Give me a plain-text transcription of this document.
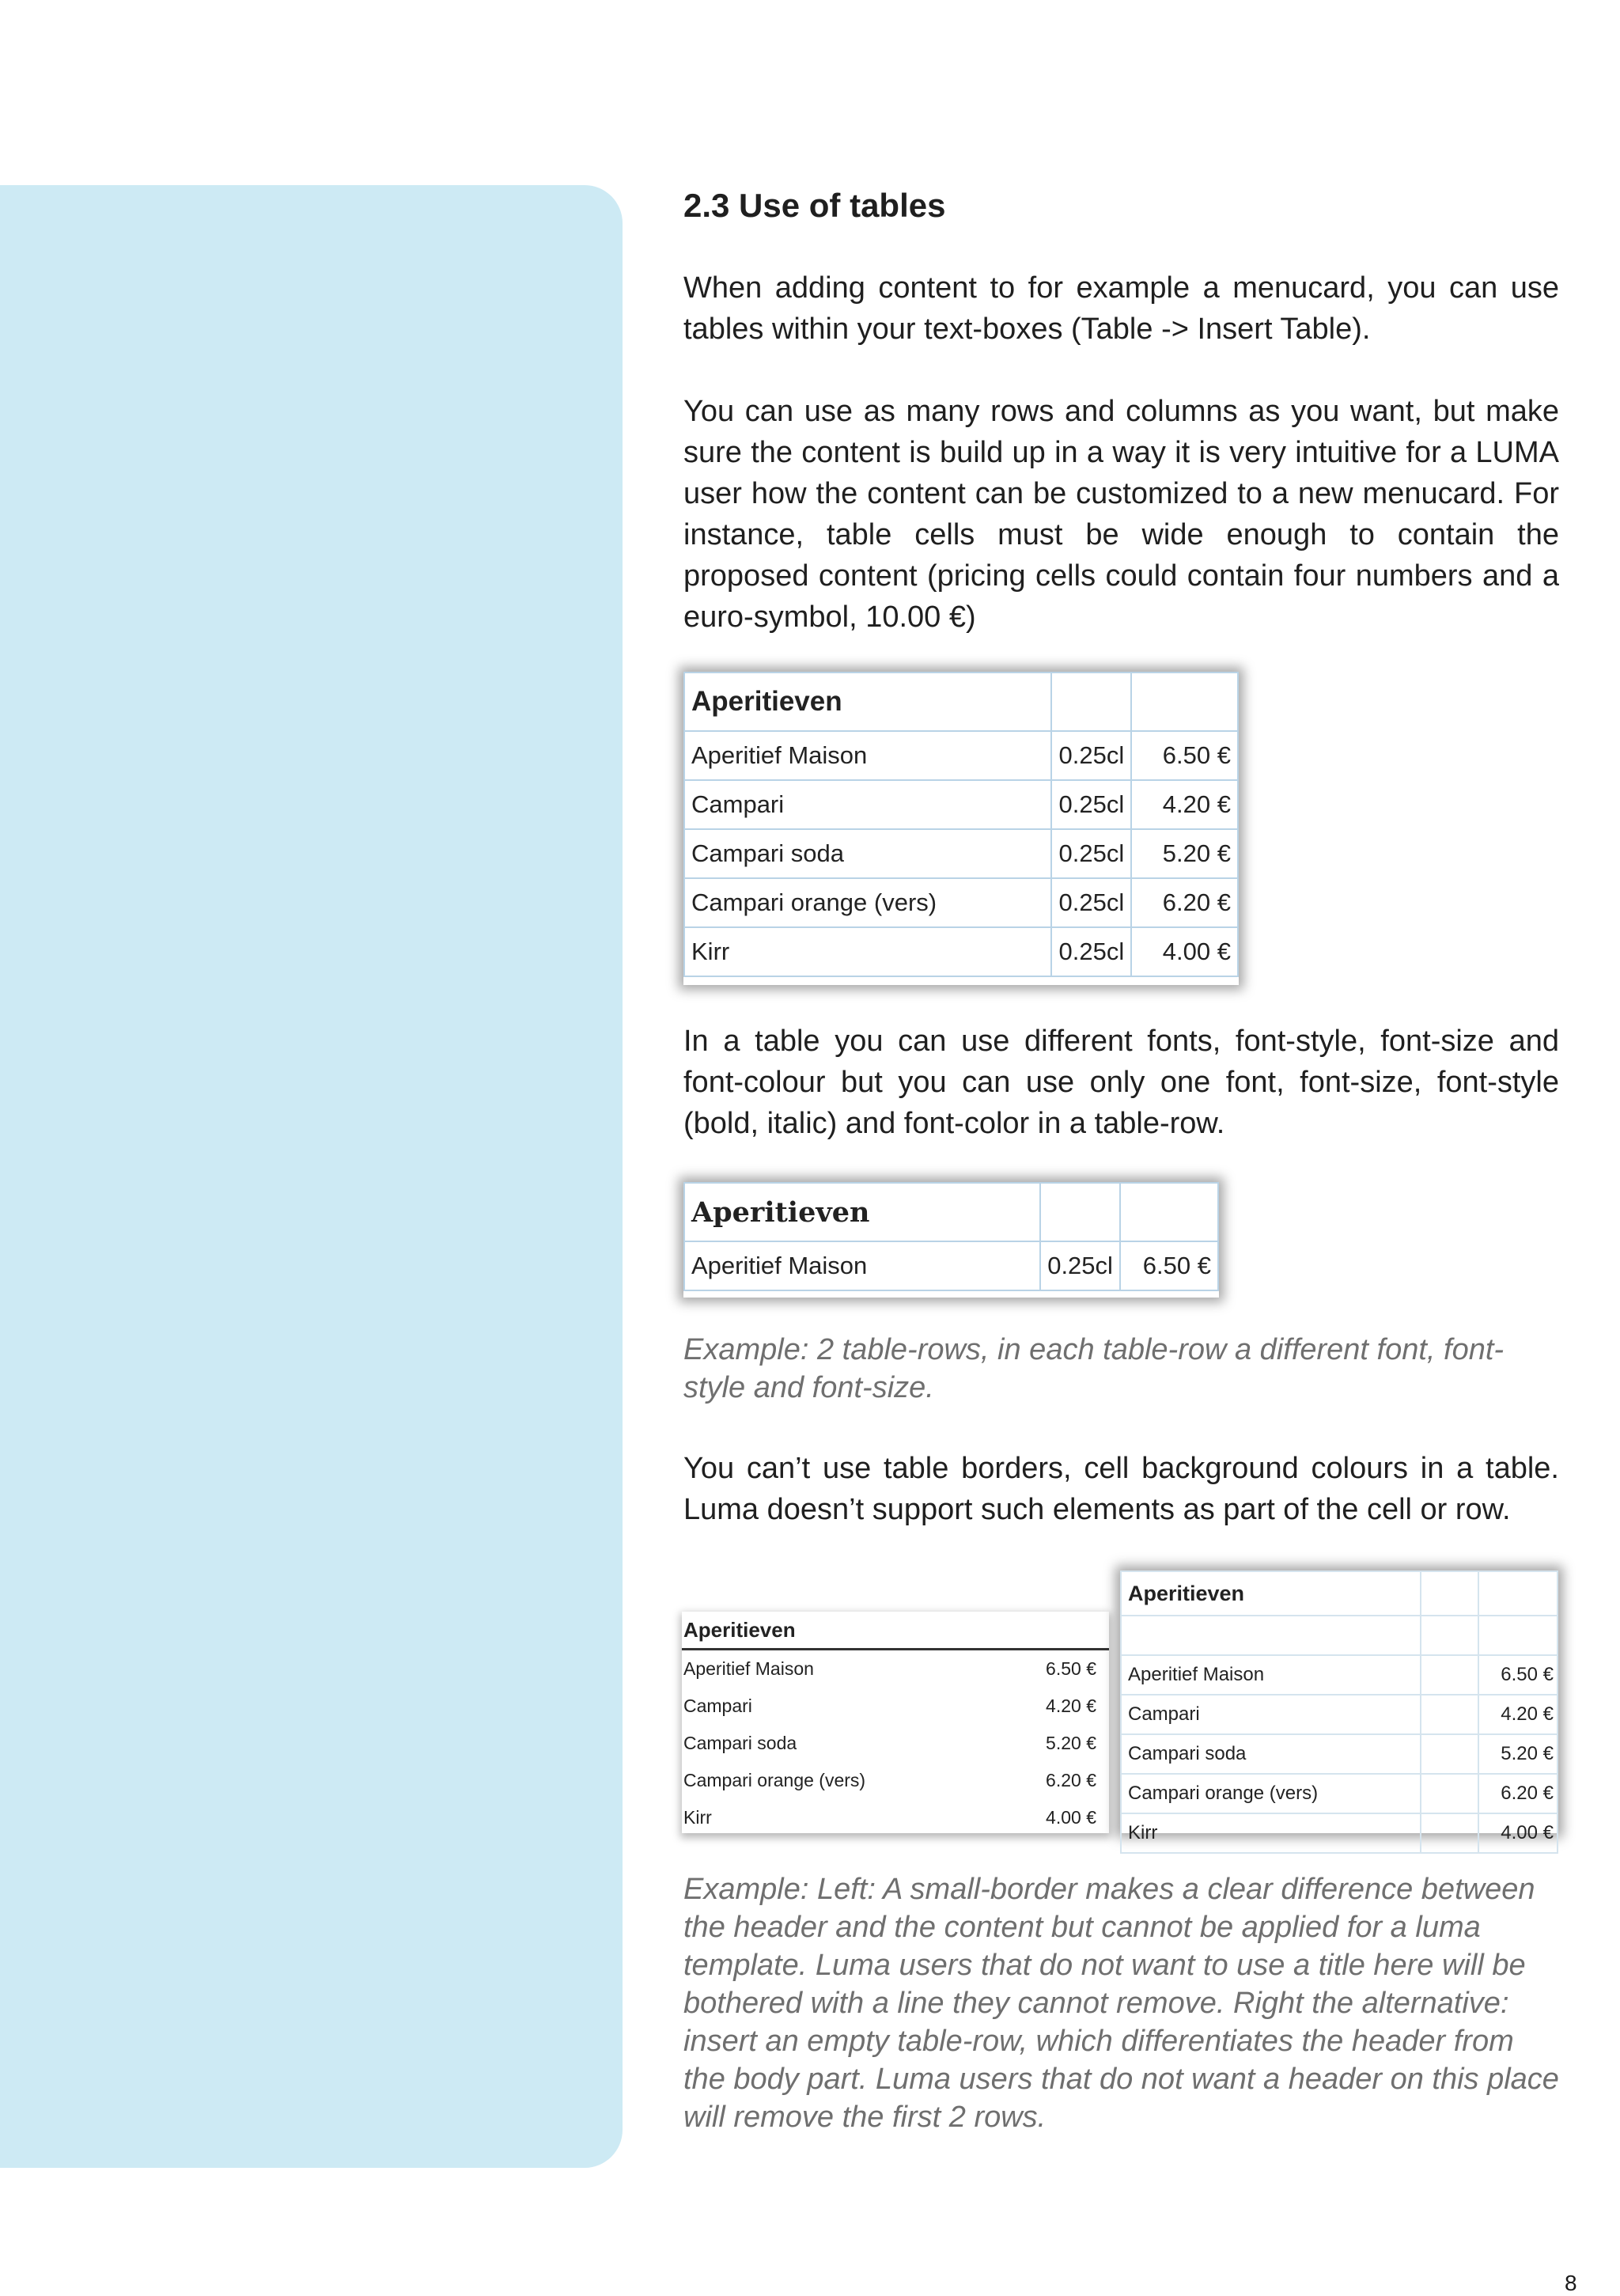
2.3 Use of tables

When adding content to for example a menucard, you can use tables within your text-boxes (Table -> Insert Table).

You can use as many rows and columns as you want, but make sure the content is build up in a way it is very intuitive for a LUMA user how the content can be customized to a new menucard. For instance, table cells must be wide enough to contain the proposed content (pricing cells could contain four numbers and a euro-symbol, 10.00 €)

Aperitieven		
Aperitief Maison	0.25cl	6.50 €
Campari	0.25cl	4.20 €
Campari soda	0.25cl	5.20 €
Campari orange (vers)	0.25cl	6.20 €
Kirr	0.25cl	4.00 €

In a table you can use different fonts, font-style, font-size and font-colour but you can use only one font, font-size, font-style (bold, italic) and font-color in a table-row.

Aperitieven		
Aperitief Maison	0.25cl	6.50 €

Example: 2 table-rows, in each table-row a different font, font-style and font-size.

You can’t use table borders, cell background colours in a table. Luma doesn’t support such elements as part of the cell or row.

Aperitieven	
Aperitief Maison	6.50 €
Campari	4.20 €
Campari soda	5.20 €
Campari orange (vers)	6.20 €
Kirr	4.00 €
Aperitieven		

Aperitief Maison		6.50 €
Campari		4.20 €
Campari soda		5.20 €
Campari orange (vers)		6.20 €
Kirr		4.00 €

Example: Left: A small-border makes a clear difference between the header and the content but cannot be applied for a luma template. Luma users that do not want to use a title here will be bothered with a line they cannot remove. Right the alternative: insert an empty table-row, which differentiates the header from the body part. Luma users that do not want a header on this place will remove the first 2 rows.

8
